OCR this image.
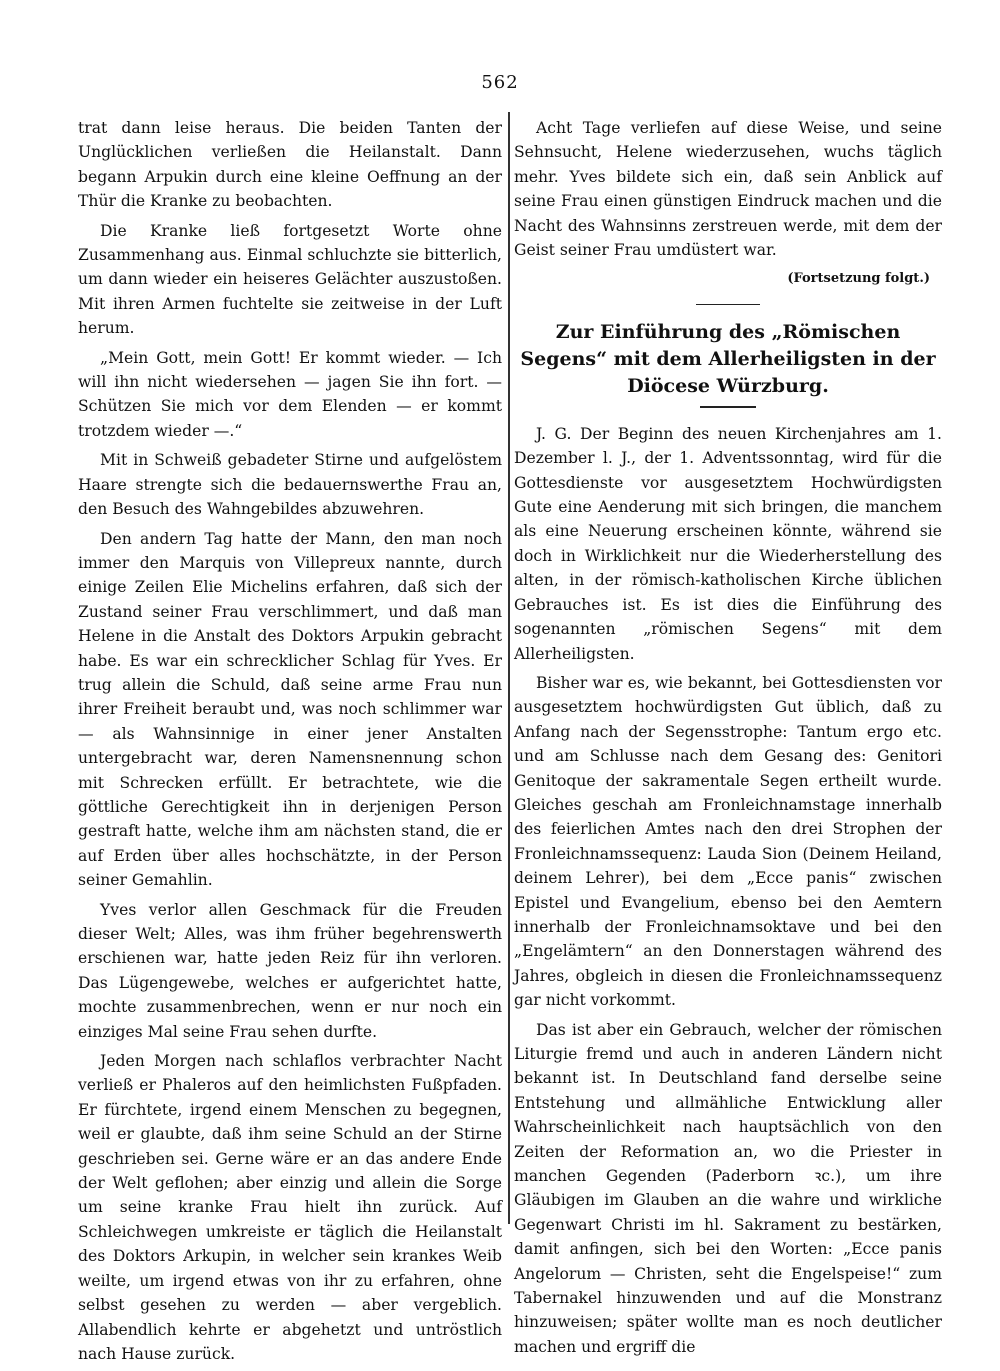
562

trat dann leise heraus. Die beiden Tanten der Unglücklichen verließen die Heilanstalt. Dann begann Arpukin durch eine kleine Oeffnung an der Thür die Kranke zu beobachten.

Die Kranke ließ fortgesetzt Worte ohne Zusammenhang aus. Einmal schluchzte sie bitterlich, um dann wieder ein heiseres Gelächter auszustoßen. Mit ihren Armen fuchtelte sie zeitweise in der Luft herum.

„Mein Gott, mein Gott! Er kommt wieder. — Ich will ihn nicht wiedersehen — jagen Sie ihn fort. — Schützen Sie mich vor dem Elenden — er kommt trotzdem wieder —.“

Mit in Schweiß gebadeter Stirne und aufgelöstem Haare strengte sich die bedauernswerthe Frau an, den Besuch des Wahngebildes abzuwehren.

Den andern Tag hatte der Mann, den man noch immer den Marquis von Villepreux nannte, durch einige Zeilen Elie Michelins erfahren, daß sich der Zustand seiner Frau verschlimmert, und daß man Helene in die Anstalt des Doktors Arpukin gebracht habe. Es war ein schrecklicher Schlag für Yves. Er trug allein die Schuld, daß seine arme Frau nun ihrer Freiheit beraubt und, was noch schlimmer war — als Wahnsinnige in einer jener Anstalten untergebracht war, deren Namensnennung schon mit Schrecken erfüllt. Er betrachtete, wie die göttliche Gerechtigkeit ihn in derjenigen Person gestraft hatte, welche ihm am nächsten stand, die er auf Erden über alles hochschätzte, in der Person seiner Gemahlin.

Yves verlor allen Geschmack für die Freuden dieser Welt; Alles, was ihm früher begehrenswerth erschienen war, hatte jeden Reiz für ihn verloren. Das Lügengewebe, welches er aufgerichtet hatte, mochte zusammenbrechen, wenn er nur noch ein einziges Mal seine Frau sehen durfte.

Jeden Morgen nach schlaflos verbrachter Nacht verließ er Phaleros auf den heimlichsten Fußpfaden. Er fürchtete, irgend einem Menschen zu begegnen, weil er glaubte, daß ihm seine Schuld an der Stirne geschrieben sei. Gerne wäre er an das andere Ende der Welt geflohen; aber einzig und allein die Sorge um seine kranke Frau hielt ihn zurück. Auf Schleichwegen umkreiste er täglich die Heilanstalt des Doktors Arkupin, in welcher sein krankes Weib weilte, um irgend etwas von ihr zu erfahren, ohne selbst gesehen zu werden — aber vergeblich. Allabendlich kehrte er abgehetzt und untröstlich nach Hause zurück.

Acht Tage verliefen auf diese Weise, und seine Sehnsucht, Helene wiederzusehen, wuchs täglich mehr. Yves bildete sich ein, daß sein Anblick auf seine Frau einen günstigen Eindruck machen und die Nacht des Wahnsinns zerstreuen werde, mit dem der Geist seiner Frau umdüstert war.

(Fortsetzung folgt.)
Zur Einführung des „Römischen Segens“ mit dem Allerheiligsten in der Diöcese Würzburg.

J. G. Der Beginn des neuen Kirchenjahres am 1. Dezember l. J., der 1. Adventssonntag, wird für die Gottesdienste vor ausgesetztem Hochwürdigsten Gute eine Aenderung mit sich bringen, die manchem als eine Neuerung erscheinen könnte, während sie doch in Wirklichkeit nur die Wiederherstellung des alten, in der römisch-katholischen Kirche üblichen Gebrauches ist. Es ist dies die Einführung des sogenannten „römischen Segens“ mit dem Allerheiligsten.

Bisher war es, wie bekannt, bei Gottesdiensten vor ausgesetztem hochwürdigsten Gut üblich, daß zu Anfang nach der Segensstrophe: Tantum ergo etc. und am Schlusse nach dem Gesang des: Genitori Genitoque der sakramentale Segen ertheilt wurde. Gleiches geschah am Fronleichnamstage innerhalb des feierlichen Amtes nach den drei Strophen der Fronleichnamssequenz: Lauda Sion (Deinem Heiland, deinem Lehrer), bei dem „Ecce panis“ zwischen Epistel und Evangelium, ebenso bei den Aemtern innerhalb der Fronleichnamsoktave und bei den „Engelämtern“ an den Donnerstagen während des Jahres, obgleich in diesen die Fronleichnamssequenz gar nicht vorkommt.

Das ist aber ein Gebrauch, welcher der römischen Liturgie fremd und auch in anderen Ländern nicht bekannt ist. In Deutschland fand derselbe seine Entstehung und allmähliche Entwicklung aller Wahrscheinlichkeit nach hauptsächlich von den Zeiten der Reformation an, wo die Priester in manchen Gegenden (Paderborn ꝛc.), um ihre Gläubigen im Glauben an die wahre und wirkliche Gegenwart Christi im hl. Sakrament zu bestärken, damit anfingen, sich bei den Worten: „Ecce panis Angelorum — Christen, seht die Engelspeise!“ zum Tabernakel hinzuwenden und auf die Monstranz hinzuweisen; später wollte man es noch deutlicher machen und ergriff die
